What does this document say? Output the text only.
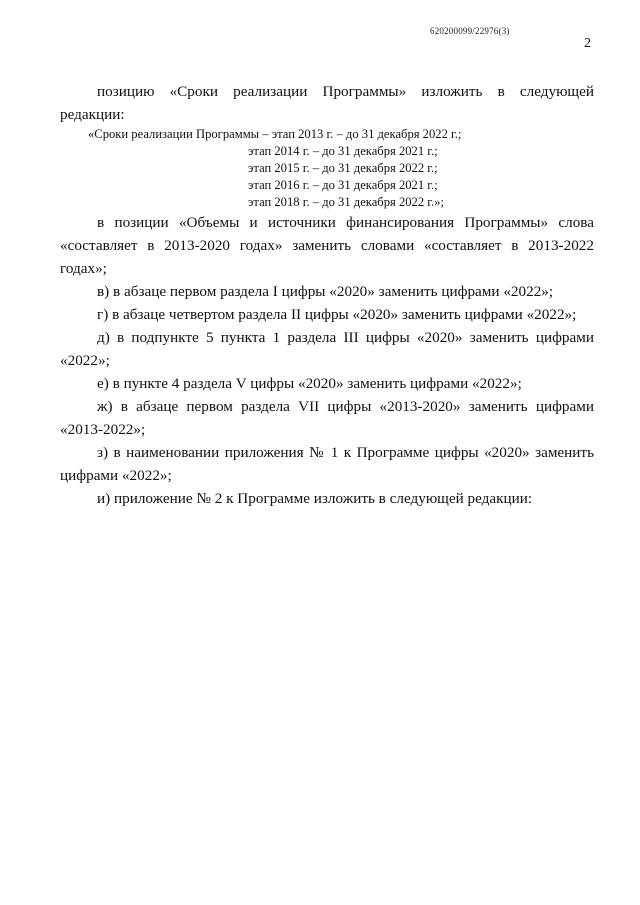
620200099/22976(3)
2

позицию «Сроки реализации Программы» изложить в следующей редакции:

«Сроки реализации Программы – этап 2013 г. – до 31 декабря 2022 г.;
этап 2014 г. – до 31 декабря 2021 г.;
этап 2015 г. – до 31 декабря 2022 г.;
этап 2016 г. – до 31 декабря 2021 г.;
этап 2018 г. – до 31 декабря 2022 г.»;

в позиции «Объемы и источники финансирования Программы» слова «составляет в 2013-2020 годах» заменить словами «составляет в 2013-2022 годах»;

в) в абзаце первом раздела I цифры «2020» заменить цифрами «2022»;

г) в абзаце четвертом раздела II цифры «2020» заменить цифрами «2022»;

д) в подпункте 5 пункта 1 раздела III цифры «2020» заменить цифрами «2022»;

е) в пункте 4 раздела V цифры «2020» заменить цифрами «2022»;

ж) в абзаце первом раздела VII цифры «2013-2020» заменить цифрами «2013-2022»;

з) в наименовании приложения № 1 к Программе цифры «2020» заменить цифрами «2022»;

и) приложение № 2 к Программе изложить в следующей редакции:
